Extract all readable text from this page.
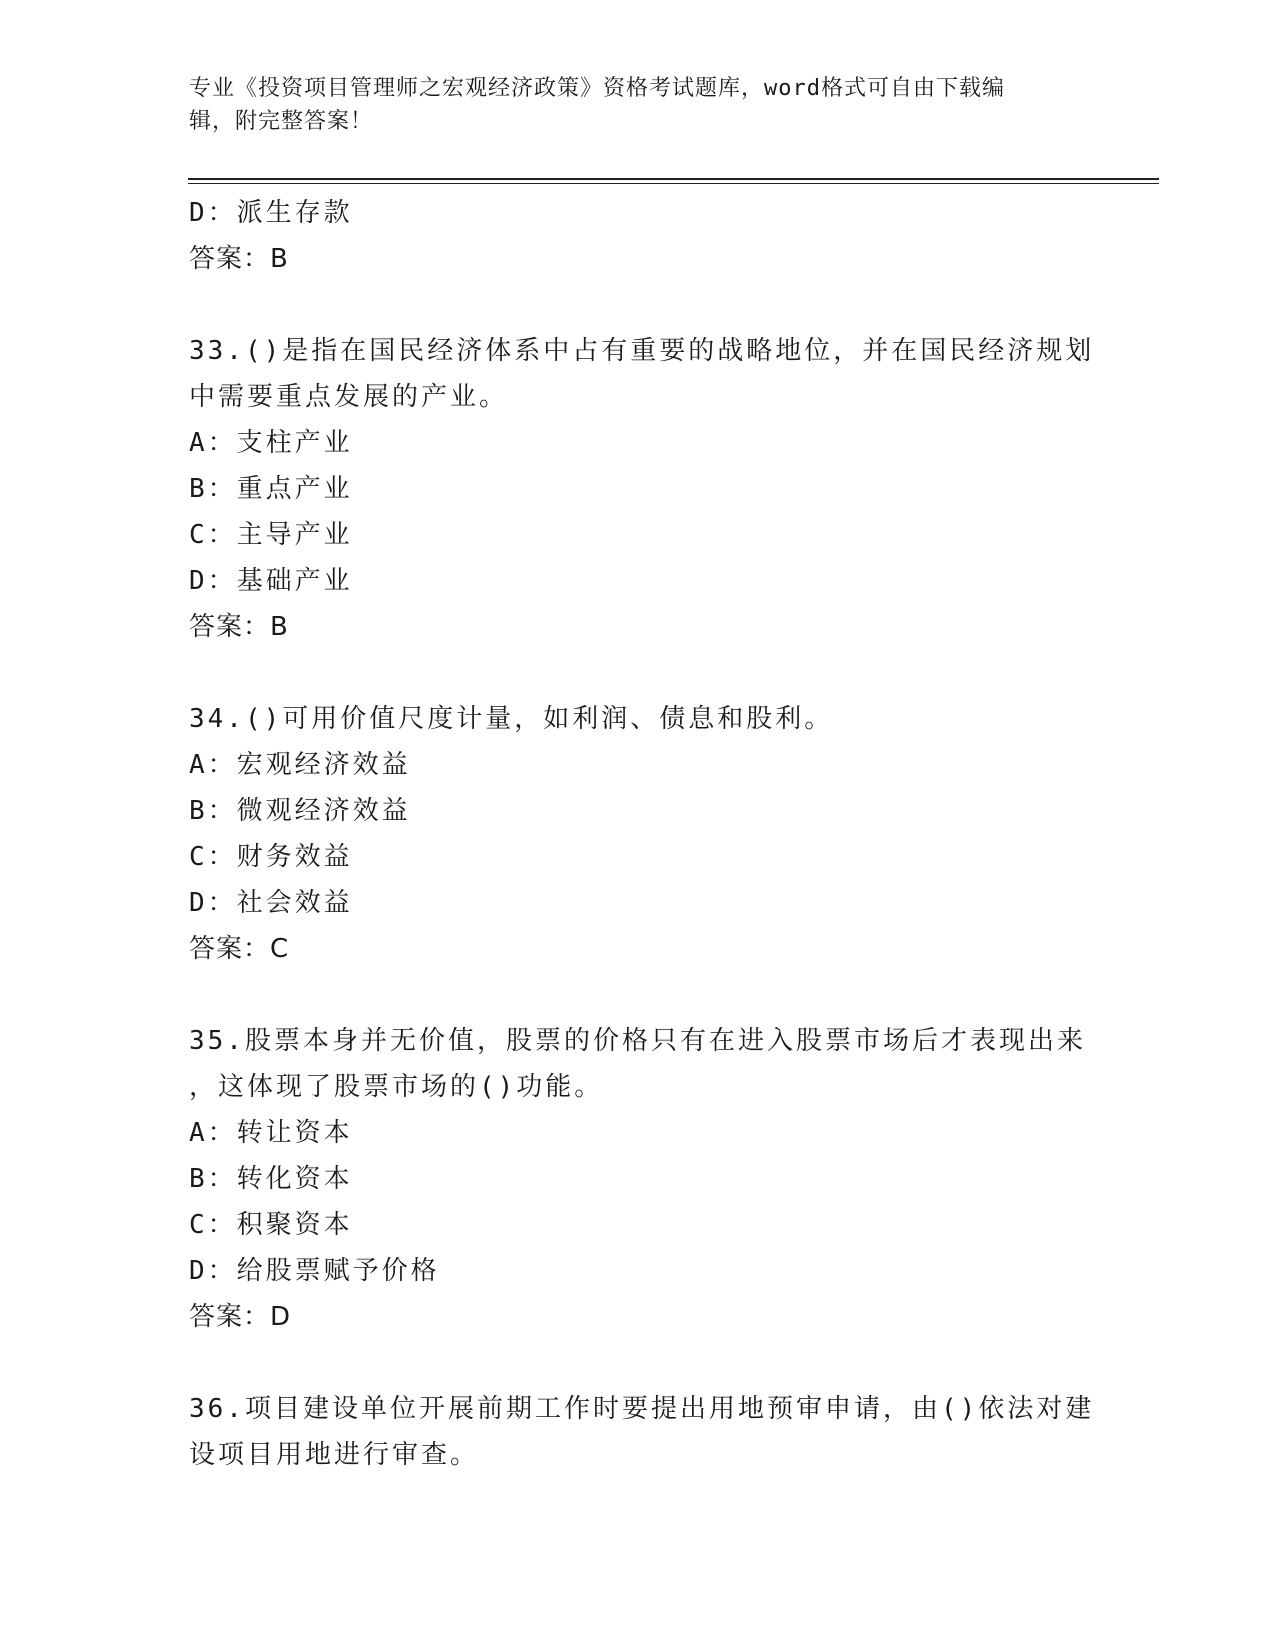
专业《投资项目管理师之宏观经济政策》资格考试题库，word格式可自由下载编
辑，附完整答案！
D：派生存款
答案：B
33.()是指在国民经济体系中占有重要的战略地位，并在国民经济规划
中需要重点发展的产业。
A：支柱产业
B：重点产业
C：主导产业
D：基础产业
答案：B
34.()可用价值尺度计量，如利润、债息和股利。
A：宏观经济效益
B：微观经济效益
C：财务效益
D：社会效益
答案：C
35.股票本身并无价值，股票的价格只有在进入股票市场后才表现出来
，这体现了股票市场的()功能。
A：转让资本
B：转化资本
C：积聚资本
D：给股票赋予价格
答案：D
36.项目建设单位开展前期工作时要提出用地预审申请，由()依法对建
设项目用地进行审查。
